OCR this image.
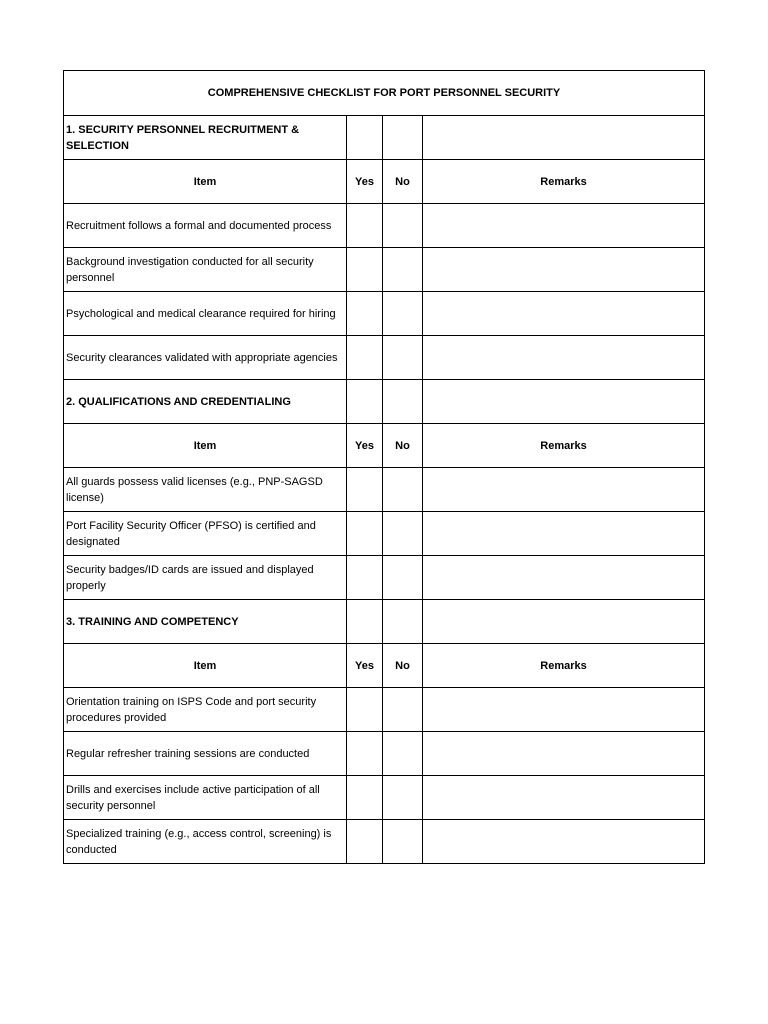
COMPREHENSIVE CHECKLIST FOR PORT PERSONNEL SECURITY			
1. SECURITY PERSONNEL RECRUITMENT & SELECTION			
Item	Yes	No	Remarks
Recruitment follows a formal and documented process			
Background investigation conducted for all security personnel			
Psychological and medical clearance required for hiring			
Security clearances validated with appropriate agencies			
2. QUALIFICATIONS AND CREDENTIALING			
Item	Yes	No	Remarks
All guards possess valid licenses (e.g., PNP-SAGSD license)			
Port Facility Security Officer (PFSO) is certified and designated			
Security badges/ID cards are issued and displayed properly			
3. TRAINING AND COMPETENCY			
Item	Yes	No	Remarks
Orientation training on ISPS Code and port security procedures provided			
Regular refresher training sessions are conducted			
Drills and exercises include active participation of all security personnel			
Specialized training (e.g., access control, screening) is conducted			
